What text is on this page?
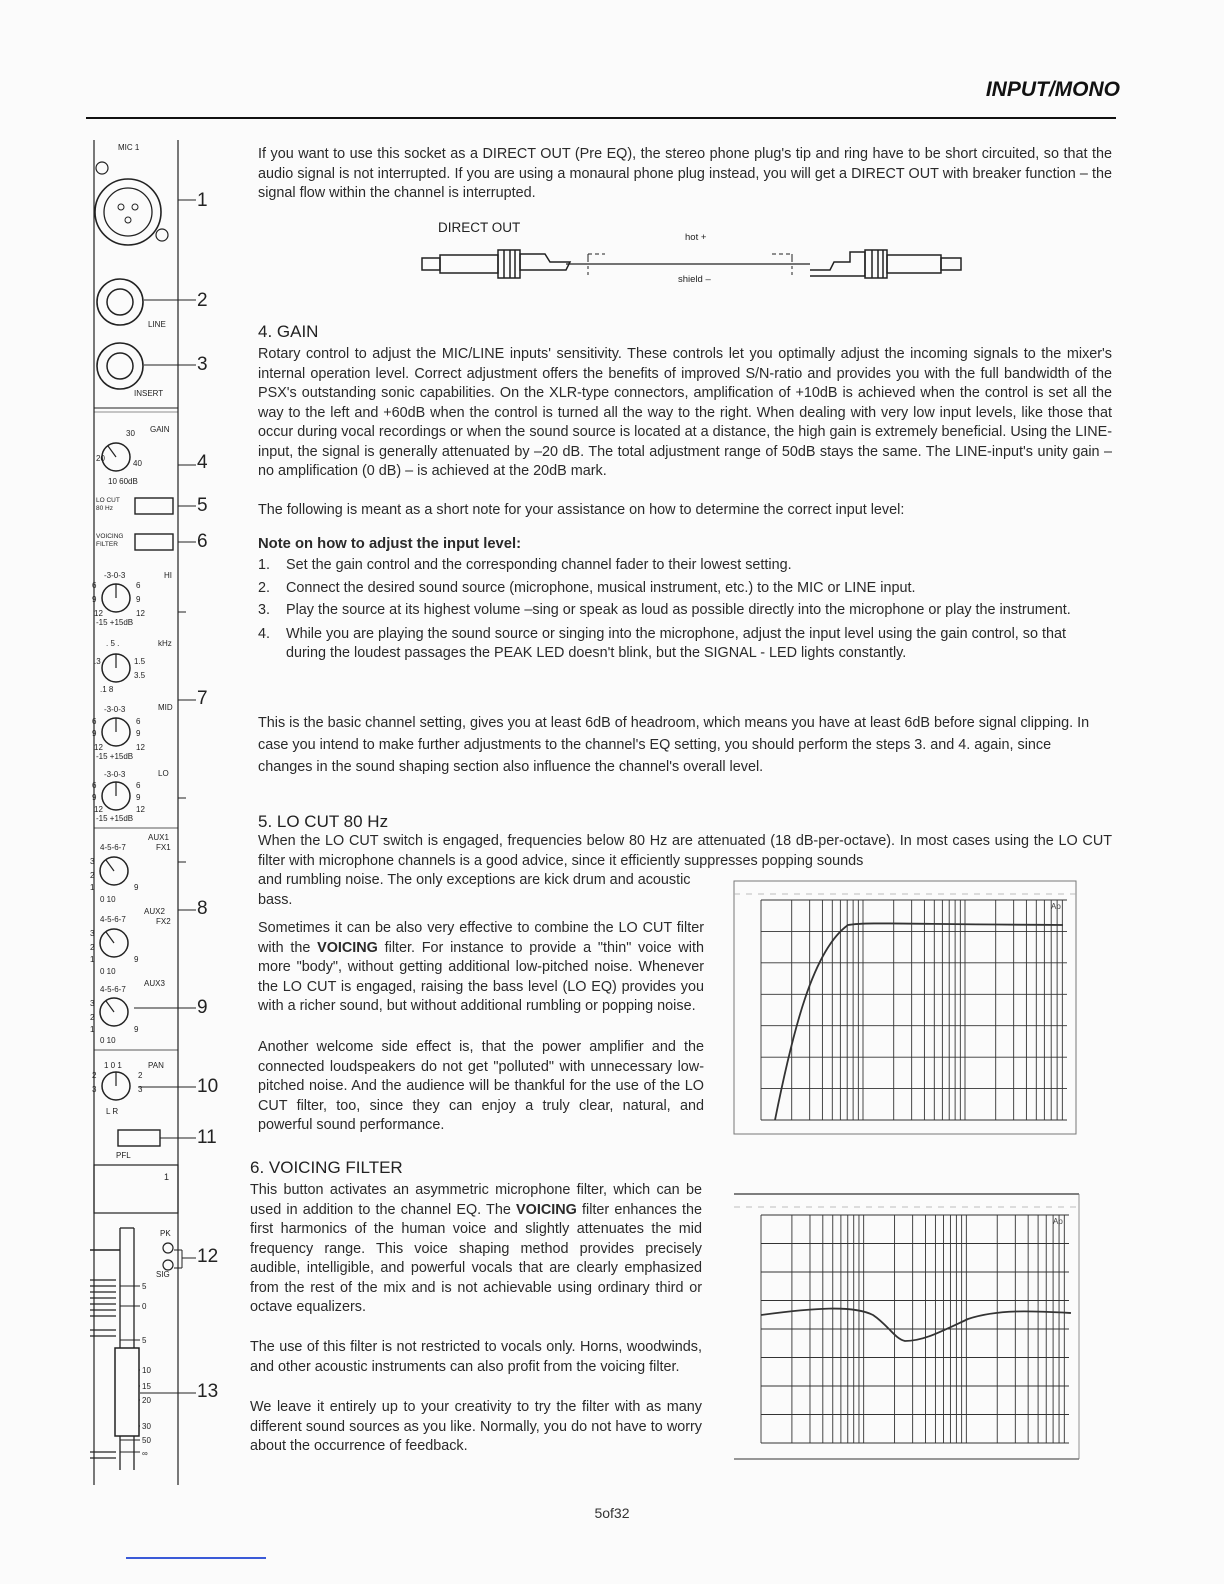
INPUT/MONO
MIC 1
LINE
INSERT
GAIN
30
20
40
10 60dB
LO CUT
80 Hz
VOICING
FILTER
HI
-3-0-3
6	6
9	9
12	12
-15 +15dB
kHz
. 5 .
.3	1.5
3.5
.1 8
MID
-3-0-3
6	6
9	9
12	12
-15 +15dB
LO
-3-0-3
6	6
9	9
12	12
-15 +15dB
AUX1
FX1
4-5-6-7
3
2
1	9
0 10
AUX2
FX2
4-5-6-7
3
2
1	9
0 10
AUX3
4-5-6-7
3
2
1	9
0 10
PAN
1 0 1
2	2
3	3
L R
PFL
1
PK
SIG
5
0
5
10
15
20
30
50
∞
1
2
3
4
5
6
7
8
9
10
11
12
13

If you want to use this socket as a DIRECT OUT (Pre EQ), the stereo phone plug's tip and ring have to be short circuited, so that the audio signal is not interrupted. If you are using a monaural phone plug instead, you will get a DIRECT OUT with breaker function – the signal flow within the channel is interrupted.

DIRECT OUT
hot +
shield –
4. GAIN

Rotary control to adjust the MIC/LINE inputs' sensitivity. These controls let you optimally adjust the incoming signals to the mixer's internal operation level. Correct adjustment offers the benefits of improved S/N-ratio and provides you with the full bandwidth of the PSX's outstanding sonic capabilities. On the XLR-type connectors, amplification of +10dB is achieved when the control is set all the way to the left and +60dB when the control is turned all the way to the right. When dealing with very low input levels, like those that occur during vocal recordings or when the sound source is located at a distance, the high gain is extremely beneficial. Using the LINE-input, the signal is generally attenuated by –20 dB. The total adjustment range of 50dB stays the same. The LINE-input's unity gain – no amplification (0 dB) – is achieved at the 20dB mark.

The following is meant as a short note for your assistance on how to determine the correct input level:

Note on how to adjust the input level:
1. Set the gain control and the corresponding channel fader to their lowest setting.
2. Connect the desired sound source (microphone, musical instrument, etc.) to the MIC or LINE input.
3. Play the source at its highest volume –sing or speak as loud as possible directly into the microphone or play the instrument.
4. While you are playing the sound source or singing into the microphone, adjust the input level using the gain control, so that during the loudest passages the PEAK LED doesn't blink, but the SIGNAL - LED lights constantly.

This is the basic channel setting, gives you at least 6dB of headroom, which means you have at least 6dB before signal clipping. In case you intend to make further adjustments to the channel's EQ setting, you should perform the steps 3. and 4. again, since changes in the sound shaping section also influence the channel's overall level.

5. LO CUT 80 Hz

When the LO CUT switch is engaged, frequencies below 80 Hz are attenuated (18 dB-per-octave). In most cases using the LO CUT filter with microphone channels is a good advice, since it efficiently suppresses popping sounds

and rumbling noise. The only exceptions are kick drum and acoustic bass.

Sometimes it can be also very effective to combine the LO CUT filter with the VOICING filter. For instance to provide a "thin" voice with more "body", without getting additional low-pitched noise. Whenever the LO CUT is engaged, raising the bass level (LO EQ) provides you with a richer sound, but without additional rumbling or popping noise.

Another welcome side effect is, that the power amplifier and the connected loudspeakers do not get "polluted" with unnecessary low-pitched noise. And the audience will be thankful for the use of the LO CUT filter, too, since they can enjoy a truly clear, natural, and powerful sound performance.

Ap
6. VOICING FILTER

This button activates an asymmetric microphone filter, which can be used in addition to the channel EQ. The VOICING filter enhances the first harmonics of the human voice and slightly attenuates the mid frequency range. This voice shaping method provides precisely audible, intelligible, and powerful vocals that are clearly emphasized from the rest of the mix and is not achievable using ordinary third or octave equalizers.

The use of this filter is not restricted to vocals only. Horns, woodwinds, and other acoustic instruments can also profit from the voicing filter.

We leave it entirely up to your creativity to try the filter with as many different sound sources as you like. Normally, you do not have to worry about the occurrence of feedback.

Ap
5of32
